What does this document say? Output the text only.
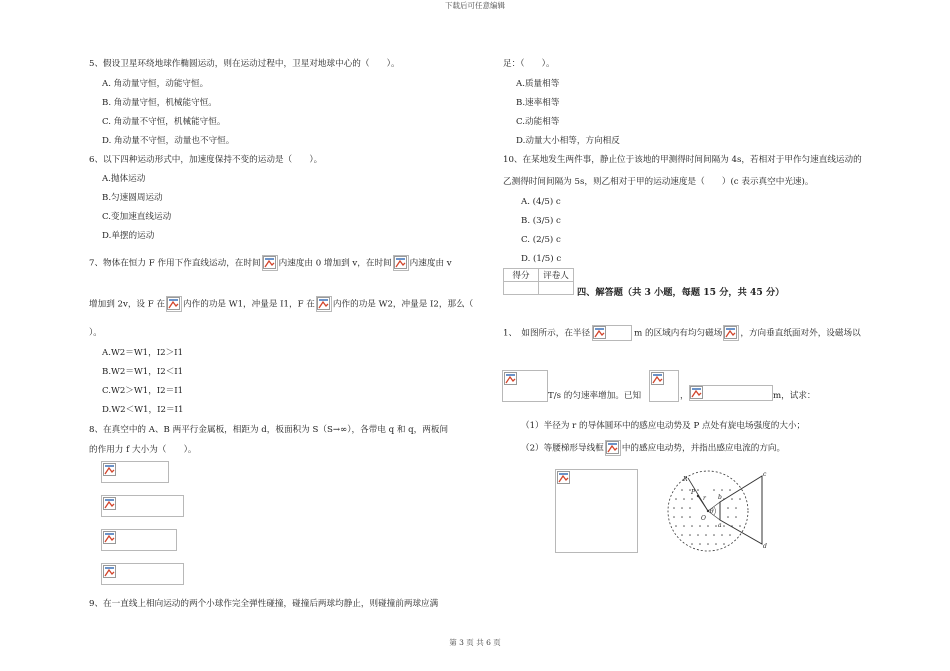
下载后可任意编辑
5、假设卫星环绕地球作椭圆运动，则在运动过程中，卫星对地球中心的（　　）。
A. 角动量守恒，动能守恒。
B. 角动量守恒，机械能守恒。
C. 角动量不守恒，机械能守恒。
D. 角动量不守恒，动量也不守恒。
6、以下四种运动形式中，加速度保持不变的运动是（　　）。
A.抛体运动
B.匀速圆周运动
C.变加速直线运动
D.单摆的运动
7、物体在恒力 F 作用下作直线运动，在时间 内速度由 0 增加到 v，在时间 内速度由 v
增加到 2v，设 F 在 内作的功是 W1，冲量是 I1，F 在 内作的功是 W2，冲量是 I2，那么（
）。
A.W2＝W1，I2＞I1
B.W2＝W1，I2＜I1
C.W2＞W1，I2＝I1
D.W2＜W1，I2＝I1
8、在真空中的 A、B 两平行金属板，相距为 d，板面积为 S（S→∞），各带电 q 和 q，两板间
的作用力 f 大小为（　　）。
9、在一直线上相向运动的两个小球作完全弹性碰撞，碰撞后两球均静止，则碰撞前两球应满
足：（　　）。
A.质量相等
B.速率相等
C.动能相等
D.动量大小相等，方向相反
10、在某地发生两件事，静止位于该地的甲测得时间间隔为 4s，若相对于甲作匀速直线运动的
乙测得时间间隔为 5s，则乙相对于甲的运动速度是（　　）(c 表示真空中光速)。
A. (4/5) c
B. (3/5) c
C. (2/5) c
D. (1/5) c
得分	评卷人

四、解答题（共 3 小题，每题 15 分，共 45 分）
1、　如图所示，在半径	m 的区域内有均匀磁场 ，方向垂直纸面对外，设磁场以
T/s 的匀速率增加。已知	，	m，试求：
（1）半径为 r 的导体圆环中的感应电动势及 P 点处有旋电场强度的大小；
（2）等腰梯形导线框 中的感应电动势，并指出感应电流的方向。
R
P
r b
θ
O
a
c
d
第 3 页 共 6 页
